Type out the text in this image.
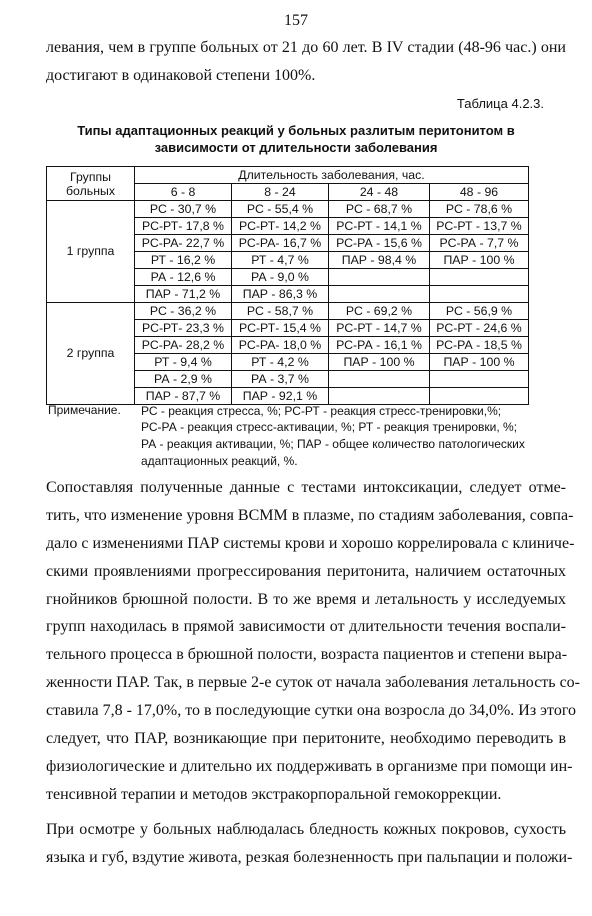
157
левания, чем в группе больных от 21 до 60 лет. В IV стадии (48-96 час.) они
достигают в одинаковой степени 100%.
Таблица 4.2.3.
Типы адаптационных реакций у больных разлитым перитонитом в
зависимости от длительности заболевания
Группы
больных	Длительность заболевания, час.			
	6 - 8	8 - 24	24 - 48	48 - 96
1 группа	РС - 30,7 %	РС - 55,4 %	РС - 68,7 %	РС - 78,6 %
	РС-РТ- 17,8 %	РС-РТ- 14,2 %	РС-РТ - 14,1 %	РС-РТ - 13,7 %
	РС-РА- 22,7 %	РС-РА- 16,7 %	РС-РА - 15,6 %	РС-РА - 7,7 %
	РТ - 16,2 %	РТ - 4,7 %	ПАР - 98,4 %	ПАР - 100 %
	РА - 12,6 %	РА - 9,0 %		
	ПАР - 71,2 %	ПАР - 86,3 %		
2 группа	РС - 36,2 %	РС - 58,7 %	РС - 69,2 %	РС - 56,9 %
	РС-РТ- 23,3 %	РС-РТ- 15,4 %	РС-РТ - 14,7 %	РС-РТ - 24,6 %
	РС-РА- 28,2 %	РС-РА- 18,0 %	РС-РА - 16,1 %	РС-РА - 18,5 %
	РТ - 9,4 %	РТ - 4,2 %	ПАР - 100 %	ПАР - 100 %
	РА - 2,9 %	РА - 3,7 %		
	ПАР - 87,7 %	ПАР - 92,1 %		
Примечание. РС - реакция стресса, %; РС-РТ - реакция стресс-тренировки,%;
РС-РА - реакция стресс-активации, %; РТ - реакция тренировки, %;
РА - реакция активации, %; ПАР - общее количество патологических
адаптационных реакций, %.
Сопоставляя полученные данные с тестами интоксикации, следует отме-
тить, что изменение уровня ВСММ в плазме, по стадиям заболевания, совпа-
дало с изменениями ПАР системы крови и хорошо коррелировала с клиниче-
скими проявлениями прогрессирования перитонита, наличием остаточных
гнойников брюшной полости. В то же время и летальность у исследуемых
групп находилась в прямой зависимости от длительности течения воспали-
тельного процесса в брюшной полости, возраста пациентов и степени выра-
женности ПАР. Так, в первые 2-е суток от начала заболевания летальность со-
ставила 7,8 - 17,0%, то в последующие сутки она возросла до 34,0%. Из этого
следует, что ПАР, возникающие при перитоните, необходимо переводить в
физиологические и длительно их поддерживать в организме при помощи ин-
тенсивной терапии и методов экстракорпоральной гемокоррекции.
При осмотре у больных наблюдалась бледность кожных покровов, сухость
языка и губ, вздутие живота, резкая болезненность при пальпации и положи-
